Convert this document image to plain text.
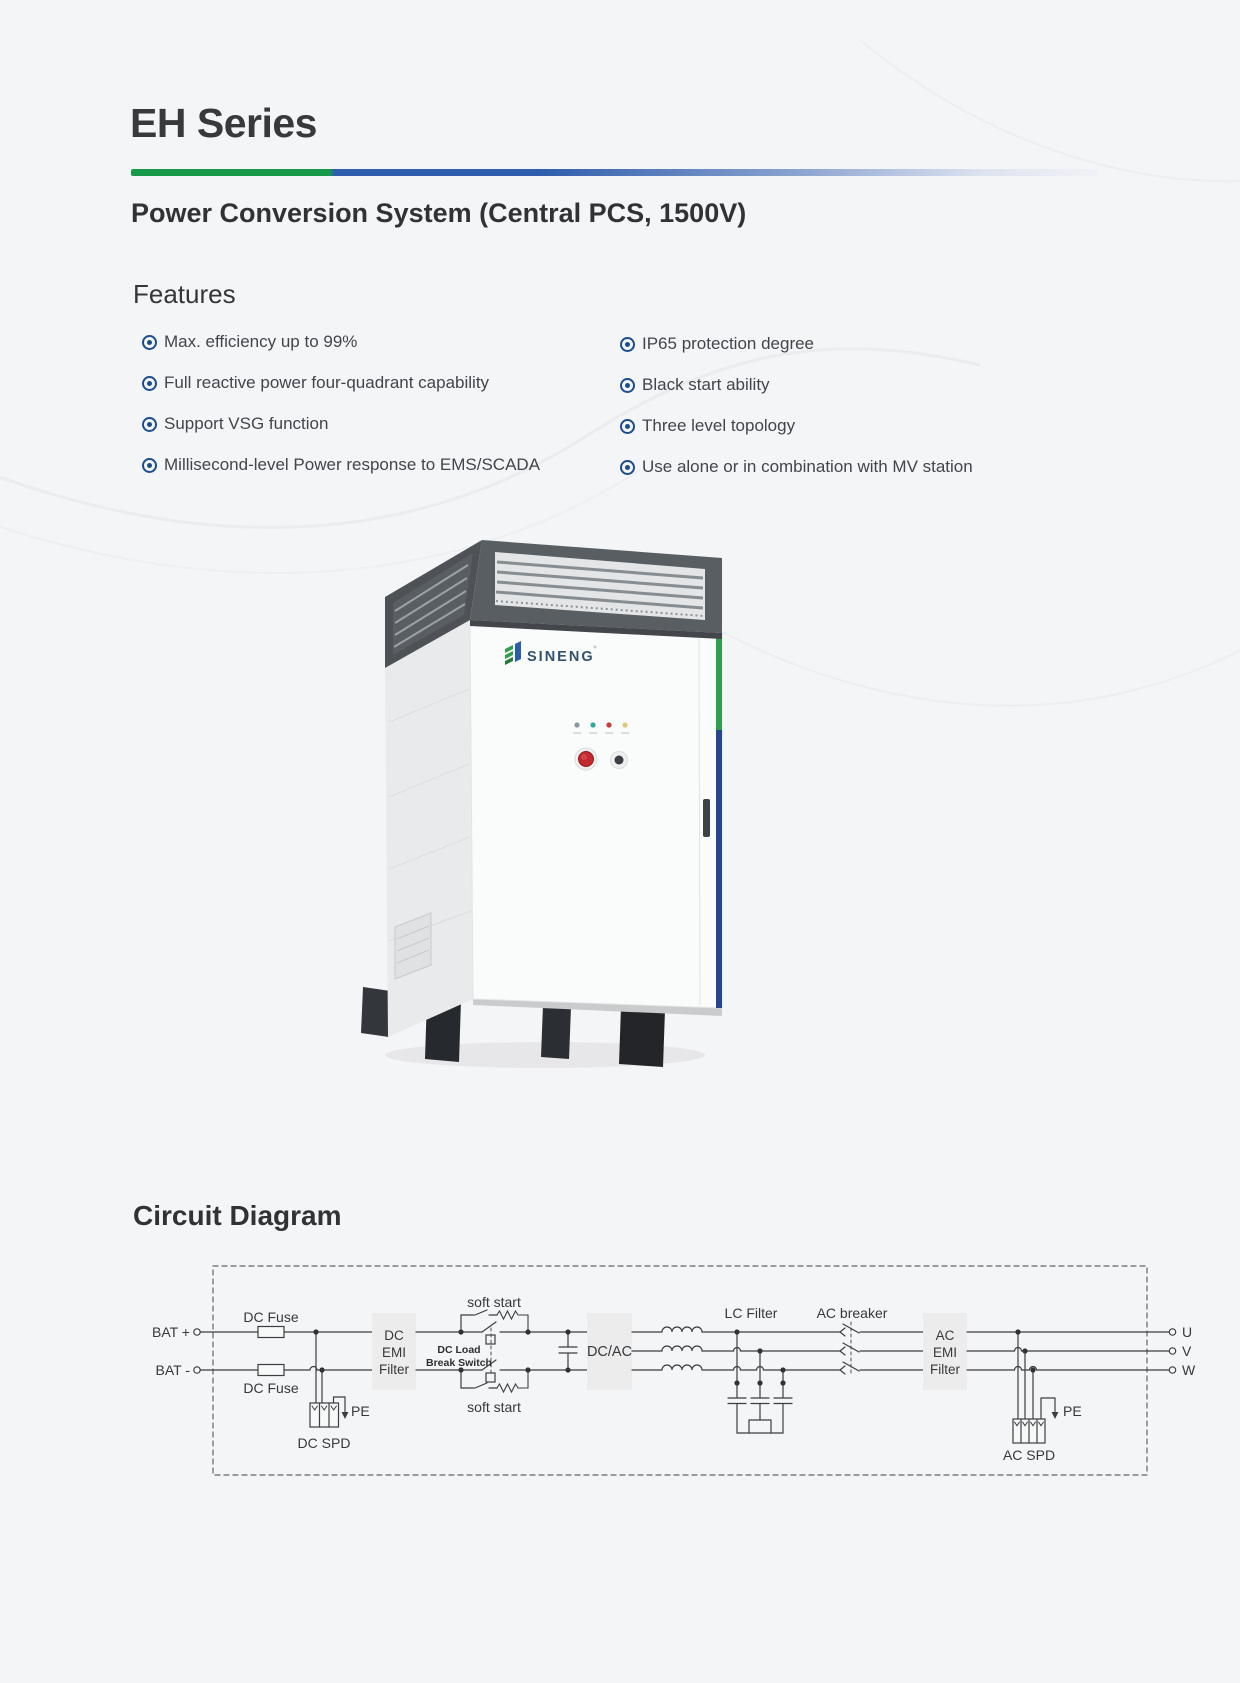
EH Series
Power Conversion System (Central PCS, 1500V)
Features
Max. efficiency up to 99%
Full reactive power four-quadrant capability
Support VSG function
Millisecond-level Power response to EMS/SCADA
IP65 protection degree
Black start ability
Three level topology
Use alone or in combination with MV station
SINENG
Circuit Diagram
BAT +
BAT -
DC Fuse
DC Fuse
DC SPD
PE
DC
EMI
Filter
DC Load
Break Switch
soft start
soft start
DC/AC
LC Filter	AC breaker
AC
EMI
Filter
AC SPD
PE
U
V
W
